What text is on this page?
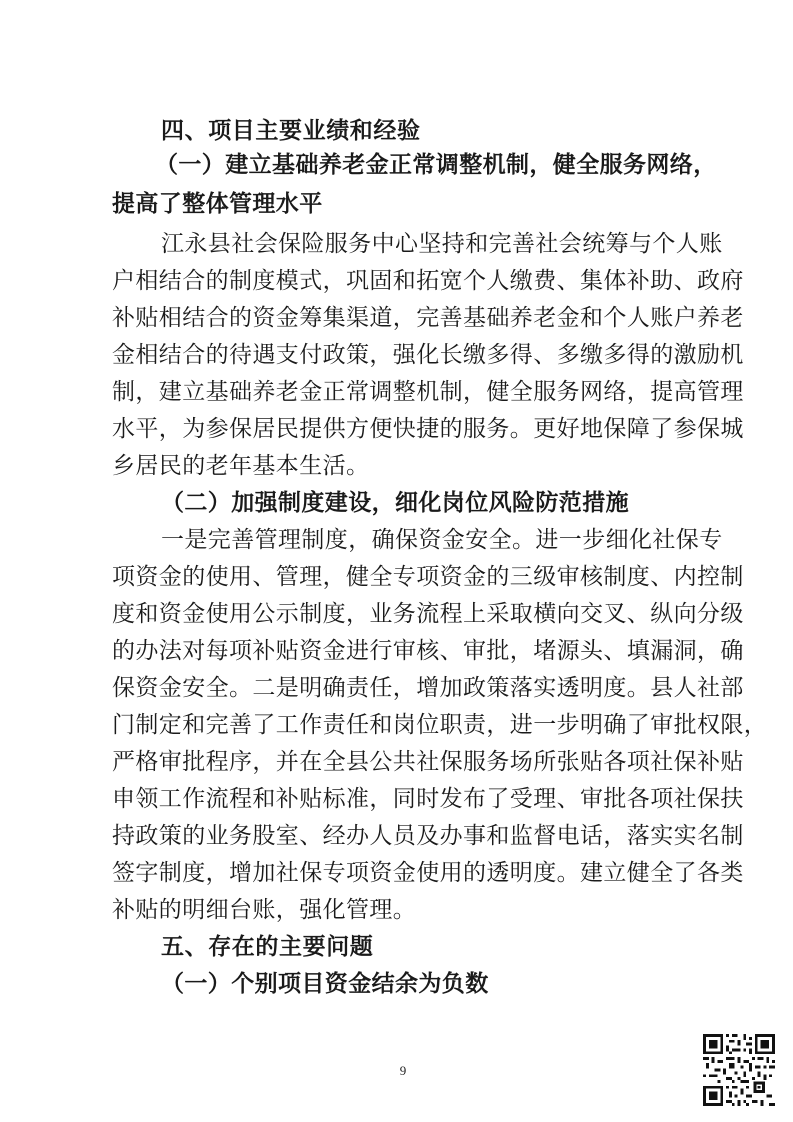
四、项目主要业绩和经验
（一）建立基础养老金正常调整机制，健全服务网络，
提高了整体管理水平
江永县社会保险服务中心坚持和完善社会统筹与个人账
户相结合的制度模式，巩固和拓宽个人缴费、集体补助、政府
补贴相结合的资金筹集渠道，完善基础养老金和个人账户养老
金相结合的待遇支付政策，强化长缴多得、多缴多得的激励机
制，建立基础养老金正常调整机制，健全服务网络，提高管理
水平，为参保居民提供方便快捷的服务。更好地保障了参保城
乡居民的老年基本生活。
（二）加强制度建设，细化岗位风险防范措施
一是完善管理制度，确保资金安全。进一步细化社保专
项资金的使用、管理，健全专项资金的三级审核制度、内控制
度和资金使用公示制度，业务流程上采取横向交叉、纵向分级
的办法对每项补贴资金进行审核、审批，堵源头、填漏洞，确
保资金安全。二是明确责任，增加政策落实透明度。县人社部
门制定和完善了工作责任和岗位职责，进一步明确了审批权限，
严格审批程序，并在全县公共社保服务场所张贴各项社保补贴
申领工作流程和补贴标准，同时发布了受理、审批各项社保扶
持政策的业务股室、经办人员及办事和监督电话，落实实名制
签字制度，增加社保专项资金使用的透明度。建立健全了各类
补贴的明细台账，强化管理。
五、存在的主要问题
（一）个别项目资金结余为负数
9
